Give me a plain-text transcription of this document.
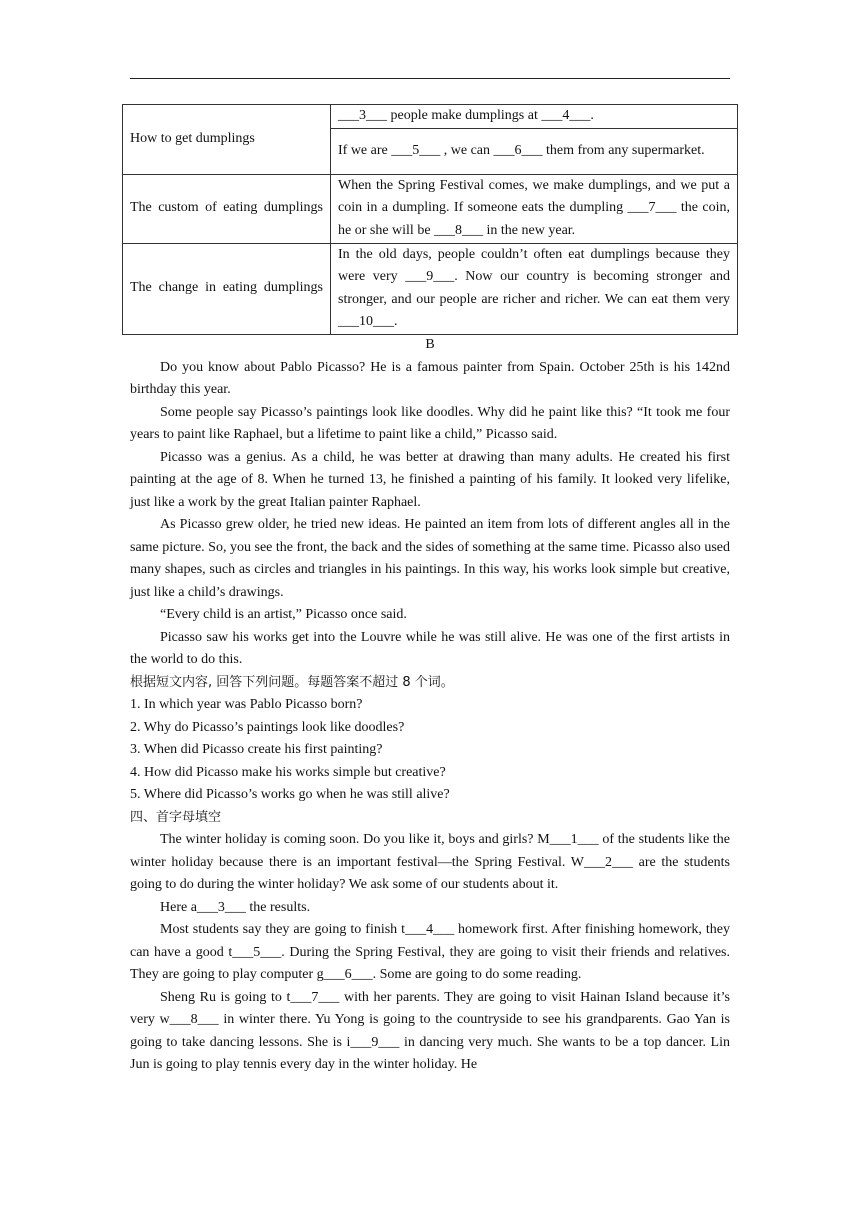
How to get dumplings	___3___ people make dumplings at ___4___.
	If we are ___5___ , we can ___6___ them from any supermarket.
The custom of eating dumplings	When the Spring Festival comes, we make dumplings, and we put a coin in a dumpling. If someone eats the dumpling ___7___ the coin, he or she will be ___8___ in the new year.
The change in eating dumplings	In the old days, people couldn’t often eat dumplings because they were very ___9___. Now our country is becoming stronger and stronger, and our people are richer and richer. We can eat them very ___10___.

B

Do you know about Pablo Picasso? He is a famous painter from Spain. October 25th is his 142nd birthday this year.

Some people say Picasso’s paintings look like doodles. Why did he paint like this? “It took me four years to paint like Raphael, but a lifetime to paint like a child,” Picasso said.

Picasso was a genius. As a child, he was better at drawing than many adults. He created his first painting at the age of 8. When he turned 13, he finished a painting of his family. It looked very lifelike, just like a work by the great Italian painter Raphael.

As Picasso grew older, he tried new ideas. He painted an item from lots of different angles all in the same picture. So, you see the front, the back and the sides of something at the same time. Picasso also used many shapes, such as circles and triangles in his paintings. In this way, his works look simple but creative, just like a child’s drawings.

“Every child is an artist,” Picasso once said.

Picasso saw his works get into the Louvre while he was still alive. He was one of the first artists in the world to do this.

根据短文内容, 回答下列问题。每题答案不超过 8 个词。

1. In which year was Pablo Picasso born?

2. Why do Picasso’s paintings look like doodles?

3. When did Picasso create his first painting?

4. How did Picasso make his works simple but creative?

5. Where did Picasso’s works go when he was still alive?

四、首字母填空

The winter holiday is coming soon. Do you like it, boys and girls? M___1___ of the students like the winter holiday because there is an important festival—the Spring Festival. W___2___ are the students going to do during the winter holiday? We ask some of our students about it.

Here a___3___ the results.

Most students say they are going to finish t___4___ homework first. After finishing homework, they can have a good t___5___. During the Spring Festival, they are going to visit their friends and relatives. They are going to play computer g___6___. Some are going to do some reading.

Sheng Ru is going to t___7___ with her parents. They are going to visit Hainan Island because it’s very w___8___ in winter there. Yu Yong is going to the countryside to see his grandparents. Gao Yan is going to take dancing lessons. She is i___9___ in dancing very much. She wants to be a top dancer. Lin Jun is going to play tennis every day in the winter holiday. He
